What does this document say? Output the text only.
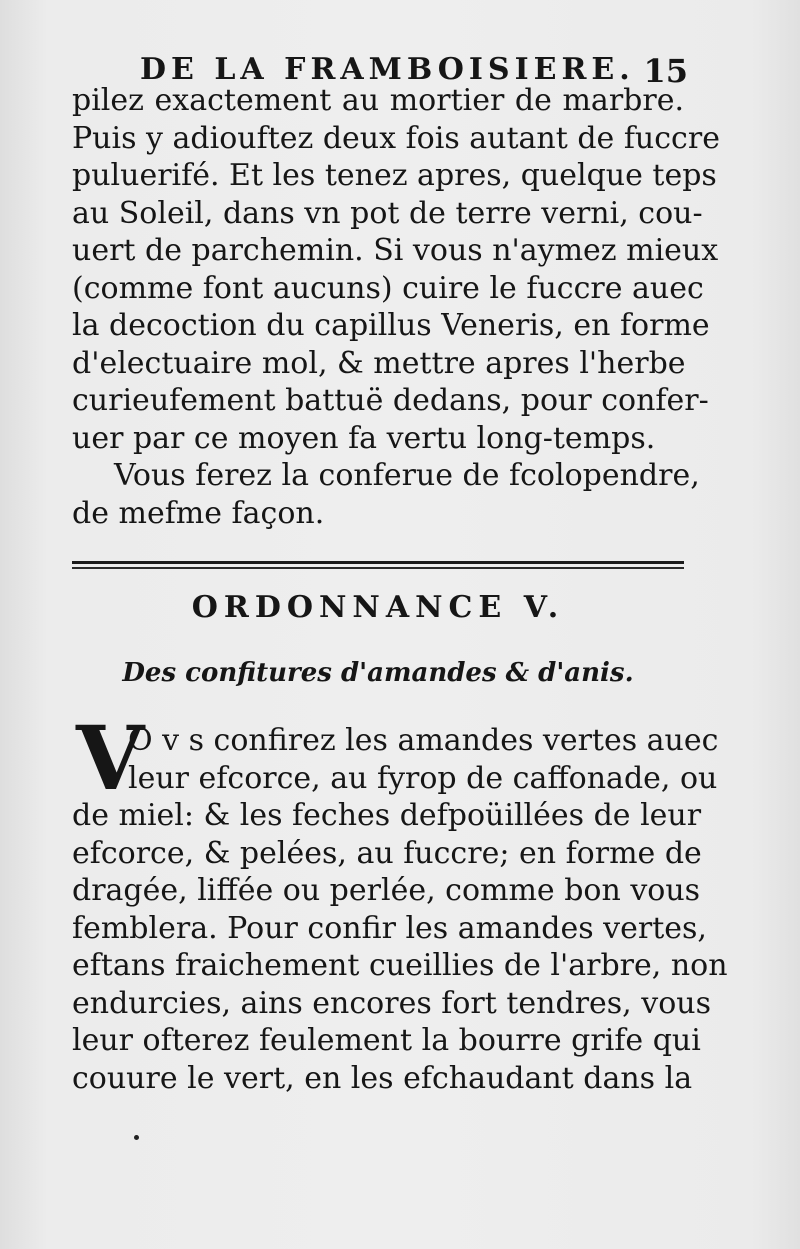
DE LA FRAMBOISIERE. 15
pilez exactement au mortier de marbre.
Puis y adiouftez deux fois autant de fuccre
puluerifé. Et les tenez apres, quelque teps
au Soleil, dans vn pot de terre verni, cou-
uert de parchemin. Si vous n'aymez mieux
(comme font aucuns) cuire le fuccre auec
la decoction du capillus Veneris, en forme
d'electuaire mol, & mettre apres l'herbe
curieufement battuë dedans, pour confer-
uer par ce moyen fa vertu long-temps.
Vous ferez la conferue de fcolopendre,
de mefme façon.
ORDONNANCE V.
Des confitures d'amandes & d'anis.
V
O v s confirez les amandes vertes auec
leur efcorce, au fyrop de caffonade, ou
de miel: & les feches defpoüillées de leur
efcorce, & pelées, au fuccre; en forme de
dragée, liffée ou perlée, comme bon vous
femblera. Pour confir les amandes vertes,
eftans fraichement cueillies de l'arbre, non
endurcies, ains encores fort tendres, vous
leur ofterez feulement la bourre grife qui
couure le vert, en les efchaudant dans la
